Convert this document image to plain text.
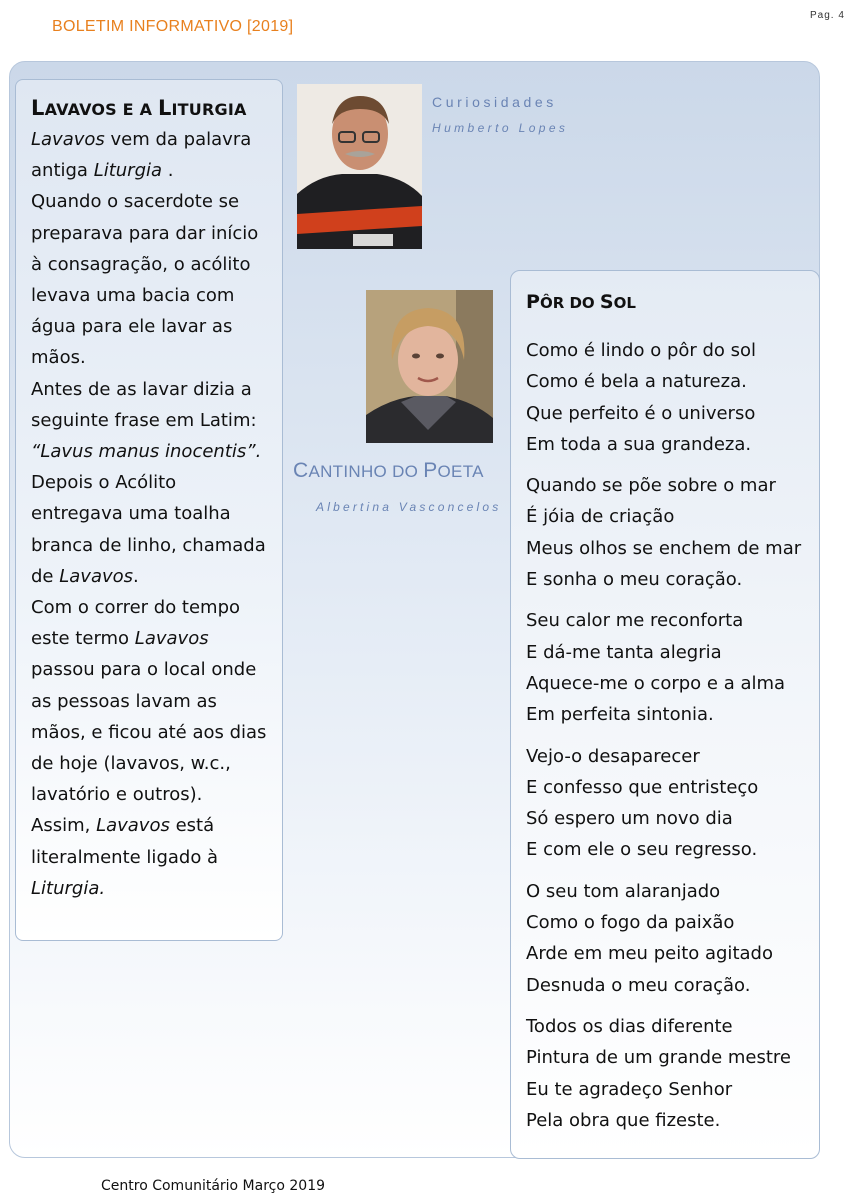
BOLETIM INFORMATIVO [2019]
Pag. 4
LAVAVOS E A LITURGIA

Lavavos vem da palavra antiga Liturgia .

Quando o sacerdote se preparava para dar início à consagração, o acólito levava uma bacia com água para ele lavar as mãos.

Antes de as lavar dizia a seguinte frase em Latim: “Lavus manus inocentis”.

Depois o Acólito entregava uma toalha branca de linho, chamada de Lavavos.

Com o correr do tempo este termo Lavavos passou para o local onde as pessoas lavam as mãos, e ficou até aos dias de hoje (lavavos, w.c., lavatório e outros).

Assim, Lavavos está literalmente ligado à Liturgia.

Curiosidades
Humberto Lopes
CANTINHO DO POETA
Albertina Vasconcelos
PÔR DO SOL
Como é lindo o pôr do sol
Como é bela a natureza.
Que perfeito é o universo
Em toda a sua grandeza.
Quando se põe sobre o mar
É jóia de criação
Meus olhos se enchem de mar
E sonha o meu coração.
Seu calor me reconforta
E dá-me tanta alegria
Aquece-me o corpo e a alma
Em perfeita sintonia.
Vejo-o desaparecer
E confesso que entristeço
Só espero um novo dia
E com ele o seu regresso.
O seu tom alaranjado
Como o fogo da paixão
Arde em meu peito agitado
Desnuda o meu coração.
Todos os dias diferente
Pintura de um grande mestre
Eu te agradeço Senhor
Pela obra que fizeste.
Centro Comunitário Março 2019
